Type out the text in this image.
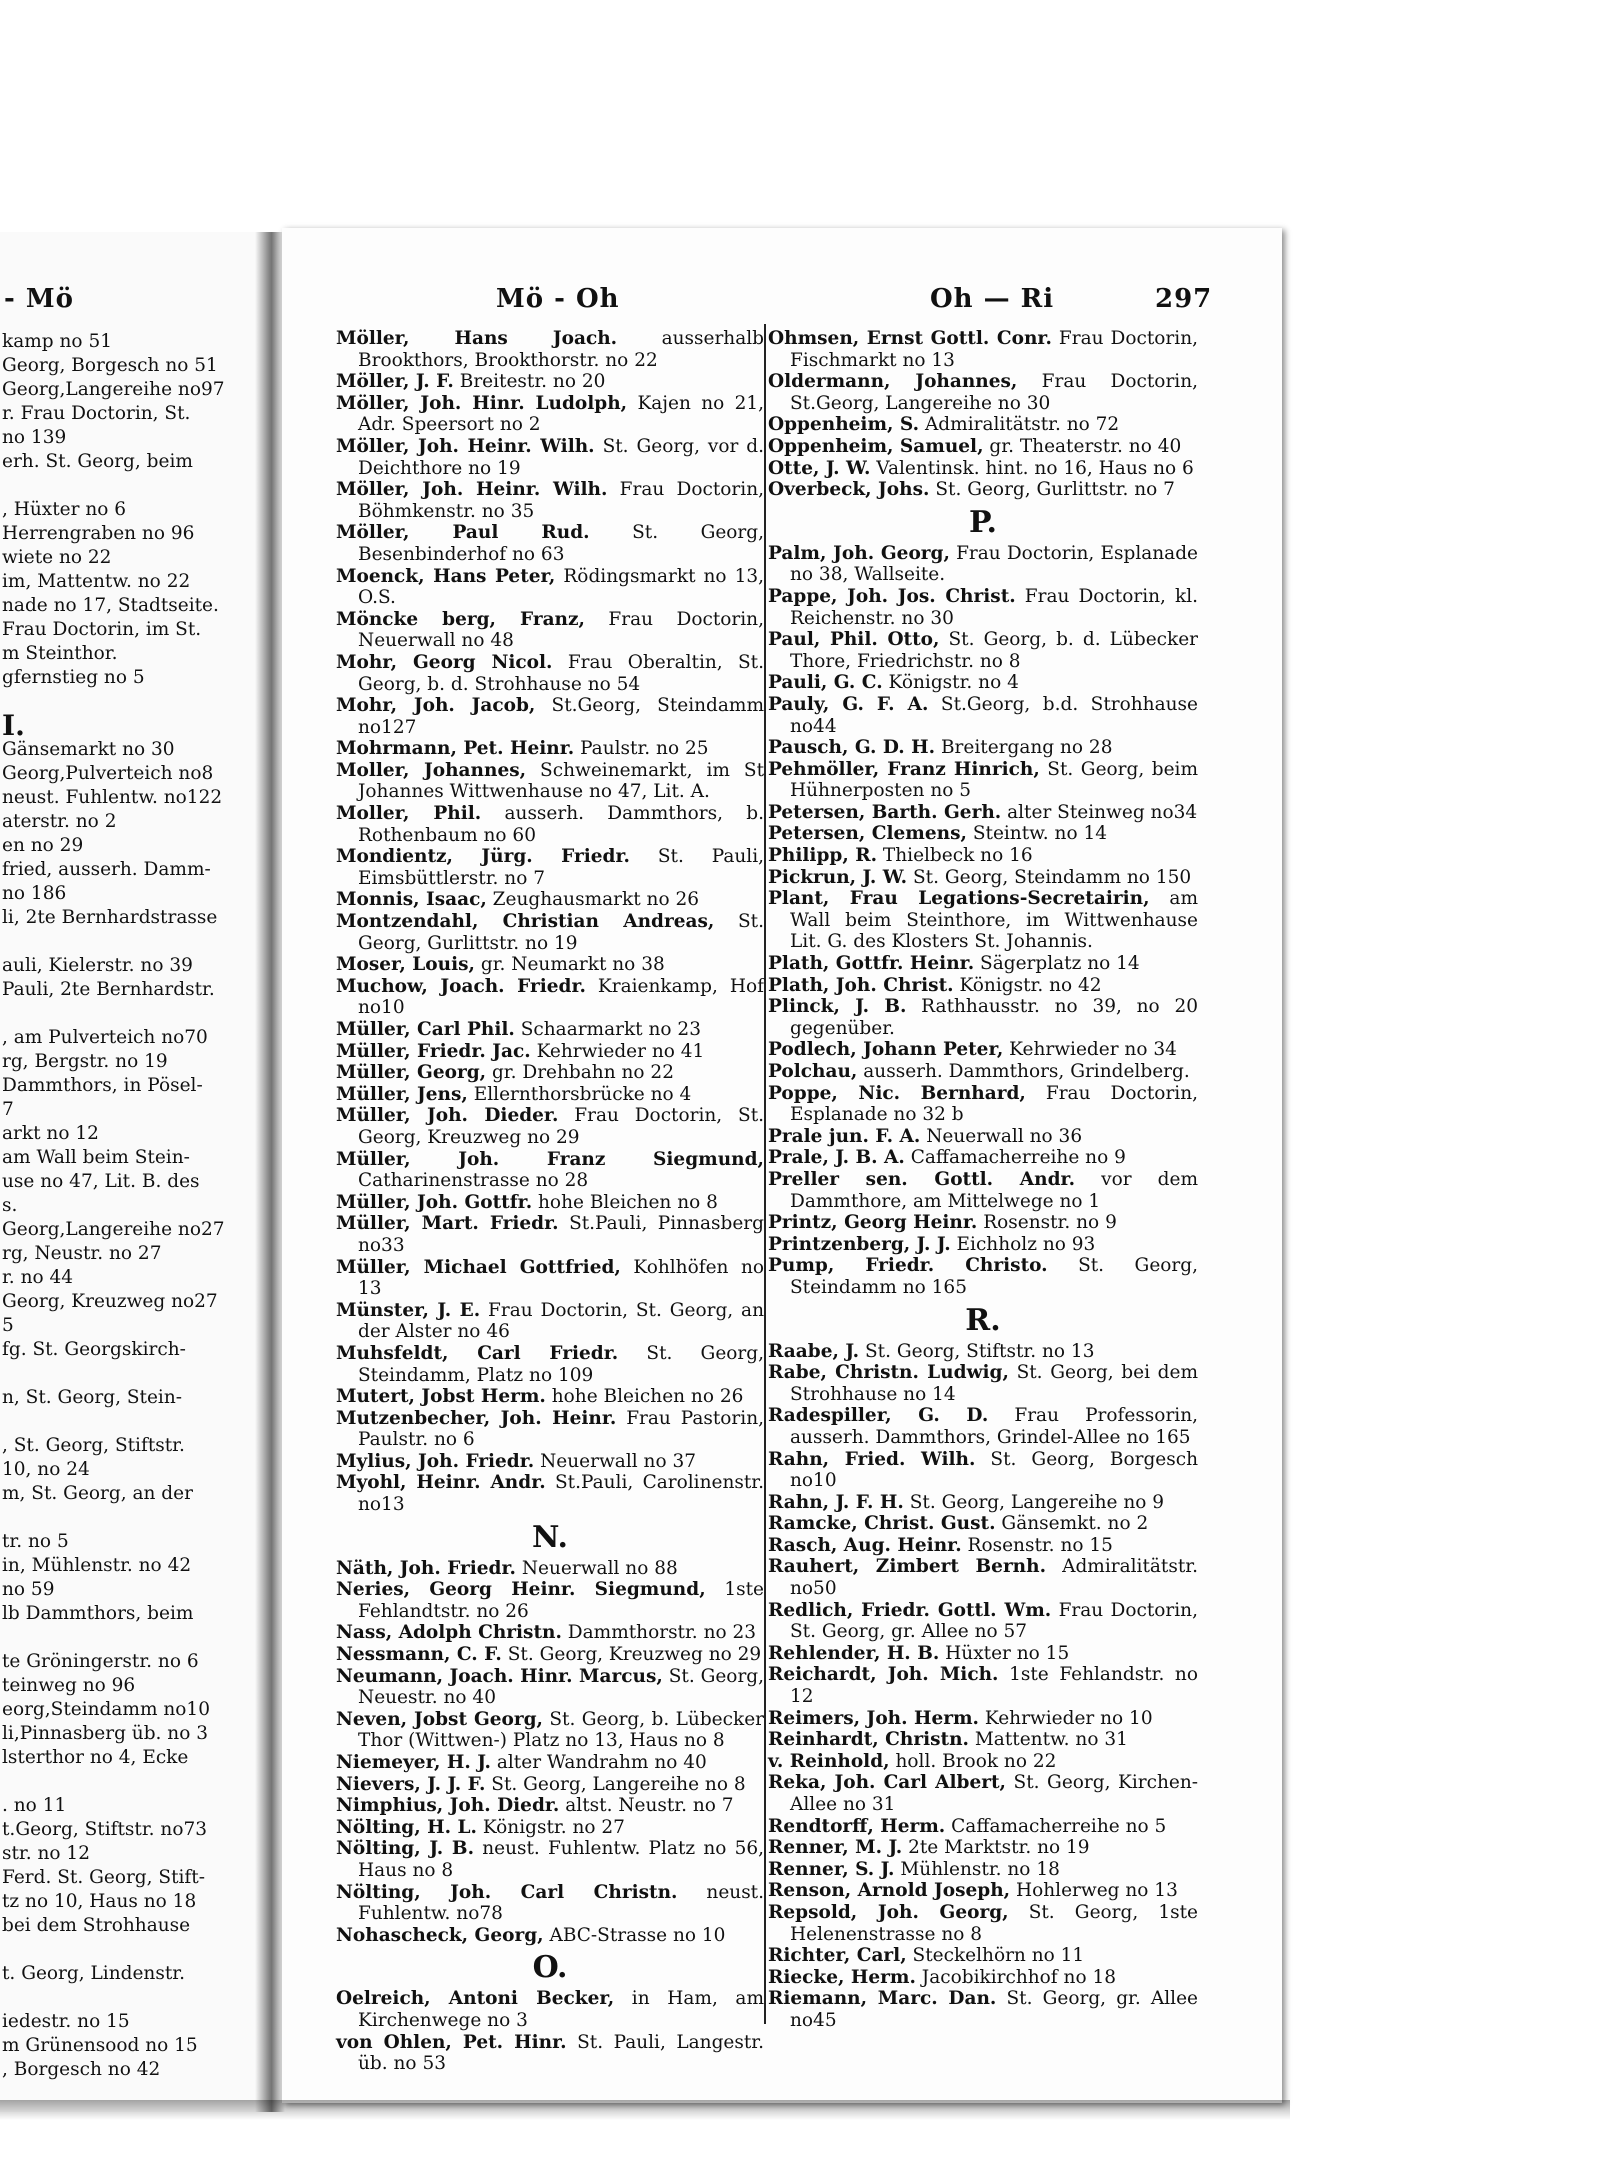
- Mö
kamp no 51
Georg, Borgesch no 51
Georg,Langereihe no97
r. Frau Doctorin, St.
no 139
erh. St. Georg, beim
, Hüxter no 6
Herrengraben no 96
wiete no 22
im, Mattentw. no 22
nade no 17, Stadtseite.
Frau Doctorin, im St.
m Steinthor.
gfernstieg no 5
I.
Gänsemarkt no 30
Georg,Pulverteich no8
neust. Fuhlentw. no122
aterstr. no 2
en no 29
fried, ausserh. Damm-
no 186
li, 2te Bernhardstrasse
auli, Kielerstr. no 39
Pauli, 2te Bernhardstr.
, am Pulverteich no70
rg, Bergstr. no 19
Dammthors, in Pösel-
7
arkt no 12
am Wall beim Stein-
use no 47, Lit. B. des
s.
Georg,Langereihe no27
rg, Neustr. no 27
r. no 44
Georg, Kreuzweg no27
5
fg. St. Georgskirch-
n, St. Georg, Stein-
, St. Georg, Stiftstr.
10, no 24
m, St. Georg, an der
tr. no 5
in, Mühlenstr. no 42
no 59
lb Dammthors, beim
te Gröningerstr. no 6
teinweg no 96
eorg,Steindamm no10
li,Pinnasberg üb. no 3
lsterthor no 4, Ecke
. no 11
t.Georg, Stiftstr. no73
str. no 12
Ferd. St. Georg, Stift-
tz no 10, Haus no 18
bei dem Strohhause
t. Georg, Lindenstr.
iedestr. no 15
m Grünensood no 15
, Borgesch no 42
Mö - Oh	Oh — Ri	297
Möller, Hans Joach. ausserhalb Brookthors, Brookthorstr. no 22
Möller, J. F. Breitestr. no 20
Möller, Joh. Hinr. Ludolph, Kajen no 21, Adr. Speersort no 2
Möller, Joh. Heinr. Wilh. St. Georg, vor d. Deichthore no 19
Möller, Joh. Heinr. Wilh. Frau Doctorin, Böhmkenstr. no 35
Möller, Paul Rud. St. Georg, Besenbinderhof no 63
Moenck, Hans Peter, Rödingsmarkt no 13, O.S.
Möncke berg, Franz, Frau Doctorin, Neuerwall no 48
Mohr, Georg Nicol. Frau Oberaltin, St. Georg, b. d. Strohhause no 54
Mohr, Joh. Jacob, St.Georg, Steindamm no127
Mohrmann, Pet. Heinr. Paulstr. no 25
Moller, Johannes, Schweinemarkt, im St Johannes Wittwenhause no 47, Lit. A.
Moller, Phil. ausserh. Dammthors, b. Rothenbaum no 60
Mondientz, Jürg. Friedr. St. Pauli, Eimsbüttlerstr. no 7
Monnis, Isaac, Zeughausmarkt no 26
Montzendahl, Christian Andreas, St. Georg, Gurlittstr. no 19
Moser, Louis, gr. Neumarkt no 38
Muchow, Joach. Friedr. Kraienkamp, Hof no10
Müller, Carl Phil. Schaarmarkt no 23
Müller, Friedr. Jac. Kehrwieder no 41
Müller, Georg, gr. Drehbahn no 22
Müller, Jens, Ellernthorsbrücke no 4
Müller, Joh. Dieder. Frau Doctorin, St. Georg, Kreuzweg no 29
Müller, Joh. Franz Siegmund, Catharinenstrasse no 28
Müller, Joh. Gottfr. hohe Bleichen no 8
Müller, Mart. Friedr. St.Pauli, Pinnasberg no33
Müller, Michael Gottfried, Kohlhöfen no 13
Münster, J. E. Frau Doctorin, St. Georg, an der Alster no 46
Muhsfeldt, Carl Friedr. St. Georg, Steindamm, Platz no 109
Mutert, Jobst Herm. hohe Bleichen no 26
Mutzenbecher, Joh. Heinr. Frau Pastorin, Paulstr. no 6
Mylius, Joh. Friedr. Neuerwall no 37
Myohl, Heinr. Andr. St.Pauli, Carolinenstr. no13
N.
Näth, Joh. Friedr. Neuerwall no 88
Neries, Georg Heinr. Siegmund, 1ste Fehlandtstr. no 26
Nass, Adolph Christn. Dammthorstr. no 23
Nessmann, C. F. St. Georg, Kreuzweg no 29
Neumann, Joach. Hinr. Marcus, St. Georg, Neuestr. no 40
Neven, Jobst Georg, St. Georg, b. Lübecker Thor (Wittwen-) Platz no 13, Haus no 8
Niemeyer, H. J. alter Wandrahm no 40
Nievers, J. J. F. St. Georg, Langereihe no 8
Nimphius, Joh. Diedr. altst. Neustr. no 7
Nölting, H. L. Königstr. no 27
Nölting, J. B. neust. Fuhlentw. Platz no 56, Haus no 8
Nölting, Joh. Carl Christn. neust. Fuhlentw. no78
Nohascheck, Georg, ABC-Strasse no 10
O.
Oelreich, Antoni Becker, in Ham, am Kirchenwege no 3
von Ohlen, Pet. Hinr. St. Pauli, Langestr. üb. no 53
Ohmsen, Ernst Gottl. Conr. Frau Doctorin, Fischmarkt no 13
Oldermann, Johannes, Frau Doctorin, St.Georg, Langereihe no 30
Oppenheim, S. Admiralitätstr. no 72
Oppenheim, Samuel, gr. Theaterstr. no 40
Otte, J. W. Valentinsk. hint. no 16, Haus no 6
Overbeck, Johs. St. Georg, Gurlittstr. no 7
P.
Palm, Joh. Georg, Frau Doctorin, Esplanade no 38, Wallseite.
Pappe, Joh. Jos. Christ. Frau Doctorin, kl. Reichenstr. no 30
Paul, Phil. Otto, St. Georg, b. d. Lübecker Thore, Friedrichstr. no 8
Pauli, G. C. Königstr. no 4
Pauly, G. F. A. St.Georg, b.d. Strohhause no44
Pausch, G. D. H. Breitergang no 28
Pehmöller, Franz Hinrich, St. Georg, beim Hühnerposten no 5
Petersen, Barth. Gerh. alter Steinweg no34
Petersen, Clemens, Steintw. no 14
Philipp, R. Thielbeck no 16
Pickrun, J. W. St. Georg, Steindamm no 150
Plant, Frau Legations-Secretairin, am Wall beim Steinthore, im Wittwenhause Lit. G. des Klosters St. Johannis.
Plath, Gottfr. Heinr. Sägerplatz no 14
Plath, Joh. Christ. Königstr. no 42
Plinck, J. B. Rathhausstr. no 39, no 20 gegenüber.
Podlech, Johann Peter, Kehrwieder no 34
Polchau, ausserh. Dammthors, Grindelberg.
Poppe, Nic. Bernhard, Frau Doctorin, Esplanade no 32 b
Prale jun. F. A. Neuerwall no 36
Prale, J. B. A. Caffamacherreihe no 9
Preller sen. Gottl. Andr. vor dem Dammthore, am Mittelwege no 1
Printz, Georg Heinr. Rosenstr. no 9
Printzenberg, J. J. Eichholz no 93
Pump, Friedr. Christo. St. Georg, Steindamm no 165
R.
Raabe, J. St. Georg, Stiftstr. no 13
Rabe, Christn. Ludwig, St. Georg, bei dem Strohhause no 14
Radespiller, G. D. Frau Professorin, ausserh. Dammthors, Grindel-Allee no 165
Rahn, Fried. Wilh. St. Georg, Borgesch no10
Rahn, J. F. H. St. Georg, Langereihe no 9
Ramcke, Christ. Gust. Gänsemkt. no 2
Rasch, Aug. Heinr. Rosenstr. no 15
Rauhert, Zimbert Bernh. Admiralitätstr. no50
Redlich, Friedr. Gottl. Wm. Frau Doctorin, St. Georg, gr. Allee no 57
Rehlender, H. B. Hüxter no 15
Reichardt, Joh. Mich. 1ste Fehlandstr. no 12
Reimers, Joh. Herm. Kehrwieder no 10
Reinhardt, Christn. Mattentw. no 31
v. Reinhold, holl. Brook no 22
Reka, Joh. Carl Albert, St. Georg, Kirchen-Allee no 31
Rendtorff, Herm. Caffamacherreihe no 5
Renner, M. J. 2te Marktstr. no 19
Renner, S. J. Mühlenstr. no 18
Renson, Arnold Joseph, Hohlerweg no 13
Repsold, Joh. Georg, St. Georg, 1ste Helenenstrasse no 8
Richter, Carl, Steckelhörn no 11
Riecke, Herm. Jacobikirchhof no 18
Riemann, Marc. Dan. St. Georg, gr. Allee no45
